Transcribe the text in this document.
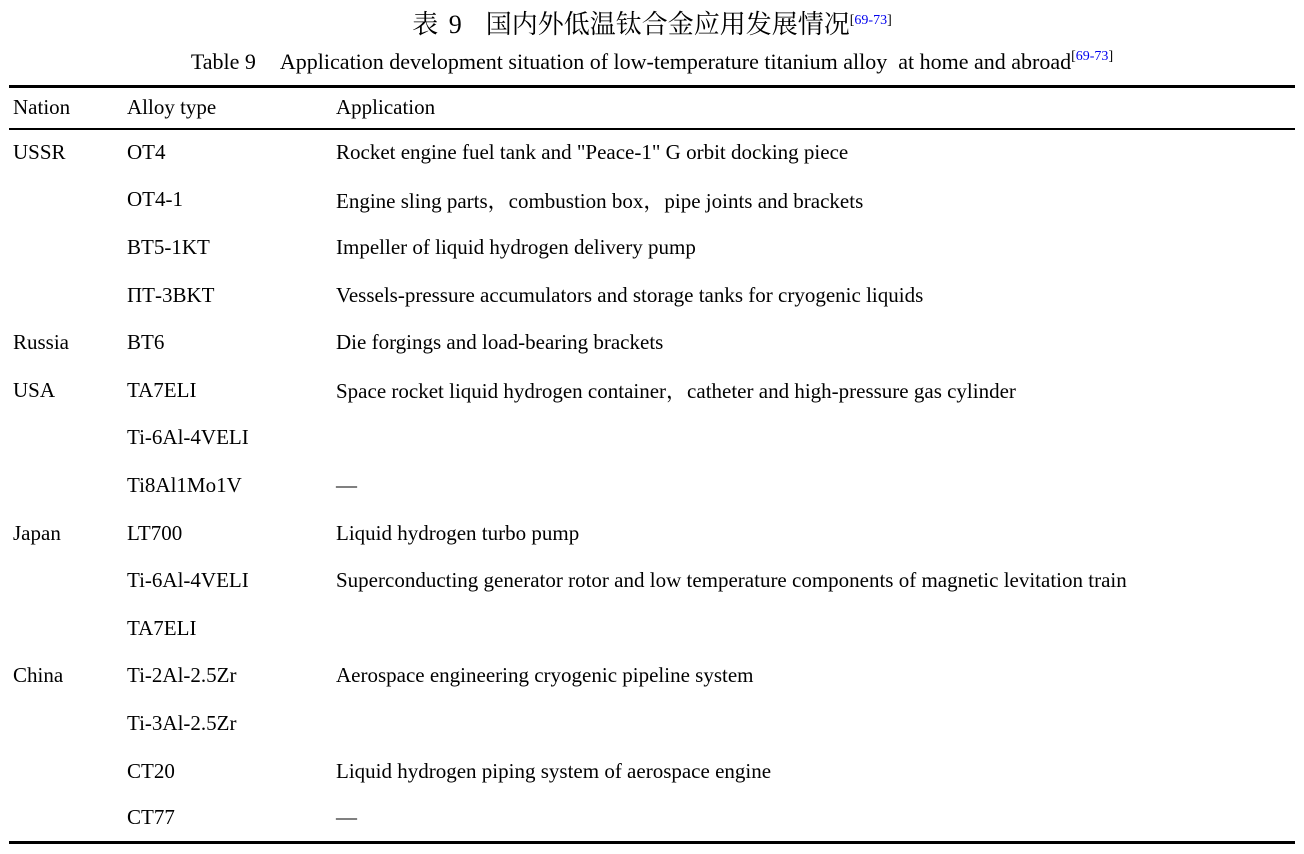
表 9 国内外低温钛合金应用发展情况[69-73]
Table 9 Application development situation of low-temperature titanium alloy  at home and abroad[69-73]
Nation	Alloy type	Application
USSR	OT4	Rocket engine fuel tank and "Peace-1" G orbit docking piece
	OT4-1	Engine sling parts，combustion box，pipe joints and brackets
	BT5-1KT	Impeller of liquid hydrogen delivery pump
	ПТ-3BKT	Vessels-pressure accumulators and storage tanks for cryogenic liquids
Russia	BT6	Die forgings and load-bearing brackets
USA	TA7ELI	Space rocket liquid hydrogen container，catheter and high-pressure gas cylinder
	Ti-6Al-4VELI	
	Ti8Al1Mo1V	—
Japan	LT700	Liquid hydrogen turbo pump
	Ti-6Al-4VELI	Superconducting generator rotor and low temperature components of magnetic levitation train
	TA7ELI	
China	Ti-2Al-2.5Zr	Aerospace engineering cryogenic pipeline system
	Ti-3Al-2.5Zr	
	CT20	Liquid hydrogen piping system of aerospace engine
	CT77	—
